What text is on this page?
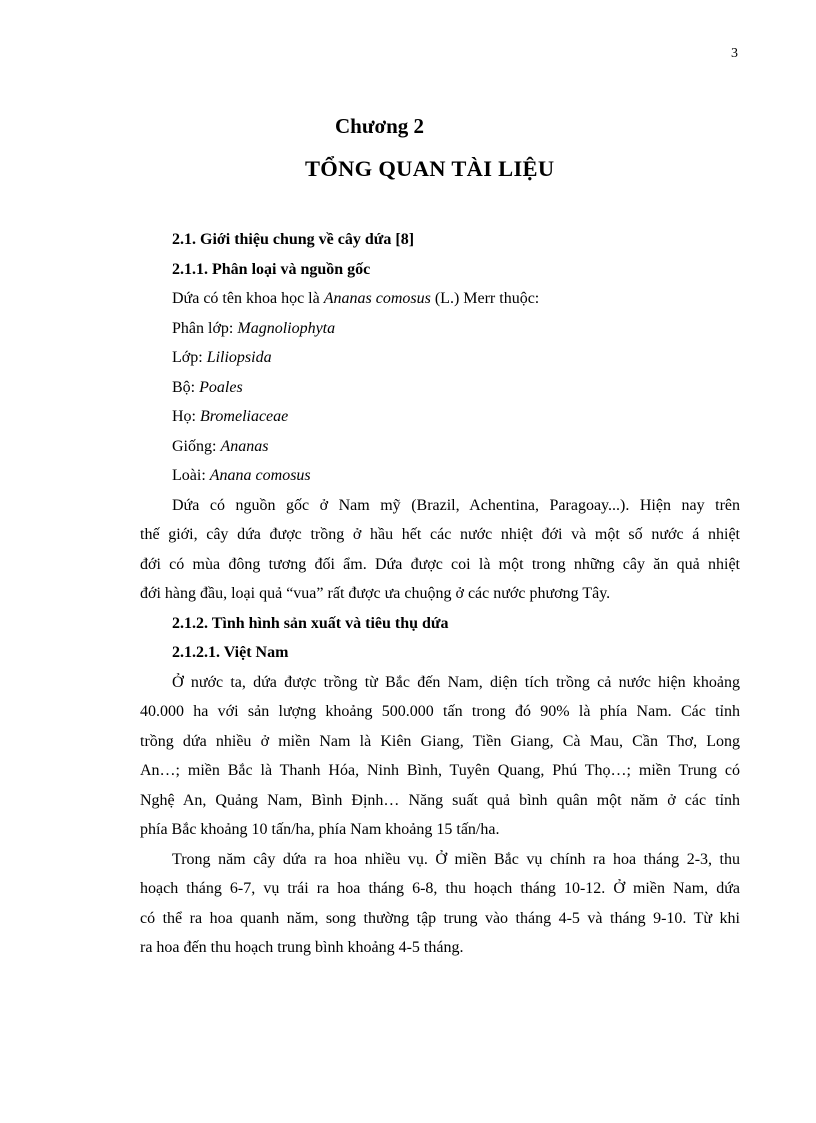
3
Chương 2
TỔNG QUAN TÀI LIỆU
2.1. Giới thiệu chung về cây dứa [8]
2.1.1. Phân loại và nguồn gốc
Dứa có tên khoa học là Ananas comosus (L.) Merr thuộc:
Phân lớp: Magnoliophyta
Lớp: Liliopsida
Bộ: Poales
Họ: Bromeliaceae
Giống: Ananas
Loài: Anana comosus
Dứa có nguồn gốc ở Nam mỹ (Brazil, Achentina, Paragoay...). Hiện nay trên
thế giới, cây dứa được trồng ở hầu hết các nước nhiệt đới và một số nước á nhiệt
đới có mùa đông tương đối ẩm. Dứa được coi là một trong những cây ăn quả nhiệt
đới hàng đầu, loại quả “vua” rất được ưa chuộng ở các nước phương Tây.
2.1.2. Tình hình sản xuất và tiêu thụ dứa
2.1.2.1. Việt Nam
Ở nước ta, dứa được trồng từ Bắc đến Nam, diện tích trồng cả nước hiện khoảng
40.000 ha với sản lượng khoảng 500.000 tấn trong đó 90% là phía Nam. Các tỉnh
trồng dứa nhiều ở miền Nam là Kiên Giang, Tiền Giang, Cà Mau, Cần Thơ, Long
An…; miền Bắc là Thanh Hóa, Ninh Bình, Tuyên Quang, Phú Thọ…; miền Trung có
Nghệ An, Quảng Nam, Bình Định… Năng suất quả bình quân một năm ở các tỉnh
phía Bắc khoảng 10 tấn/ha, phía Nam khoảng 15 tấn/ha.
Trong năm cây dứa ra hoa nhiều vụ. Ở miền Bắc vụ chính ra hoa tháng 2-3, thu
hoạch tháng 6-7, vụ trái ra hoa tháng 6-8, thu hoạch tháng 10-12. Ở miền Nam, dứa
có thể ra hoa quanh năm, song thường tập trung vào tháng 4-5 và tháng 9-10. Từ khi
ra hoa đến thu hoạch trung bình khoảng 4-5 tháng.
